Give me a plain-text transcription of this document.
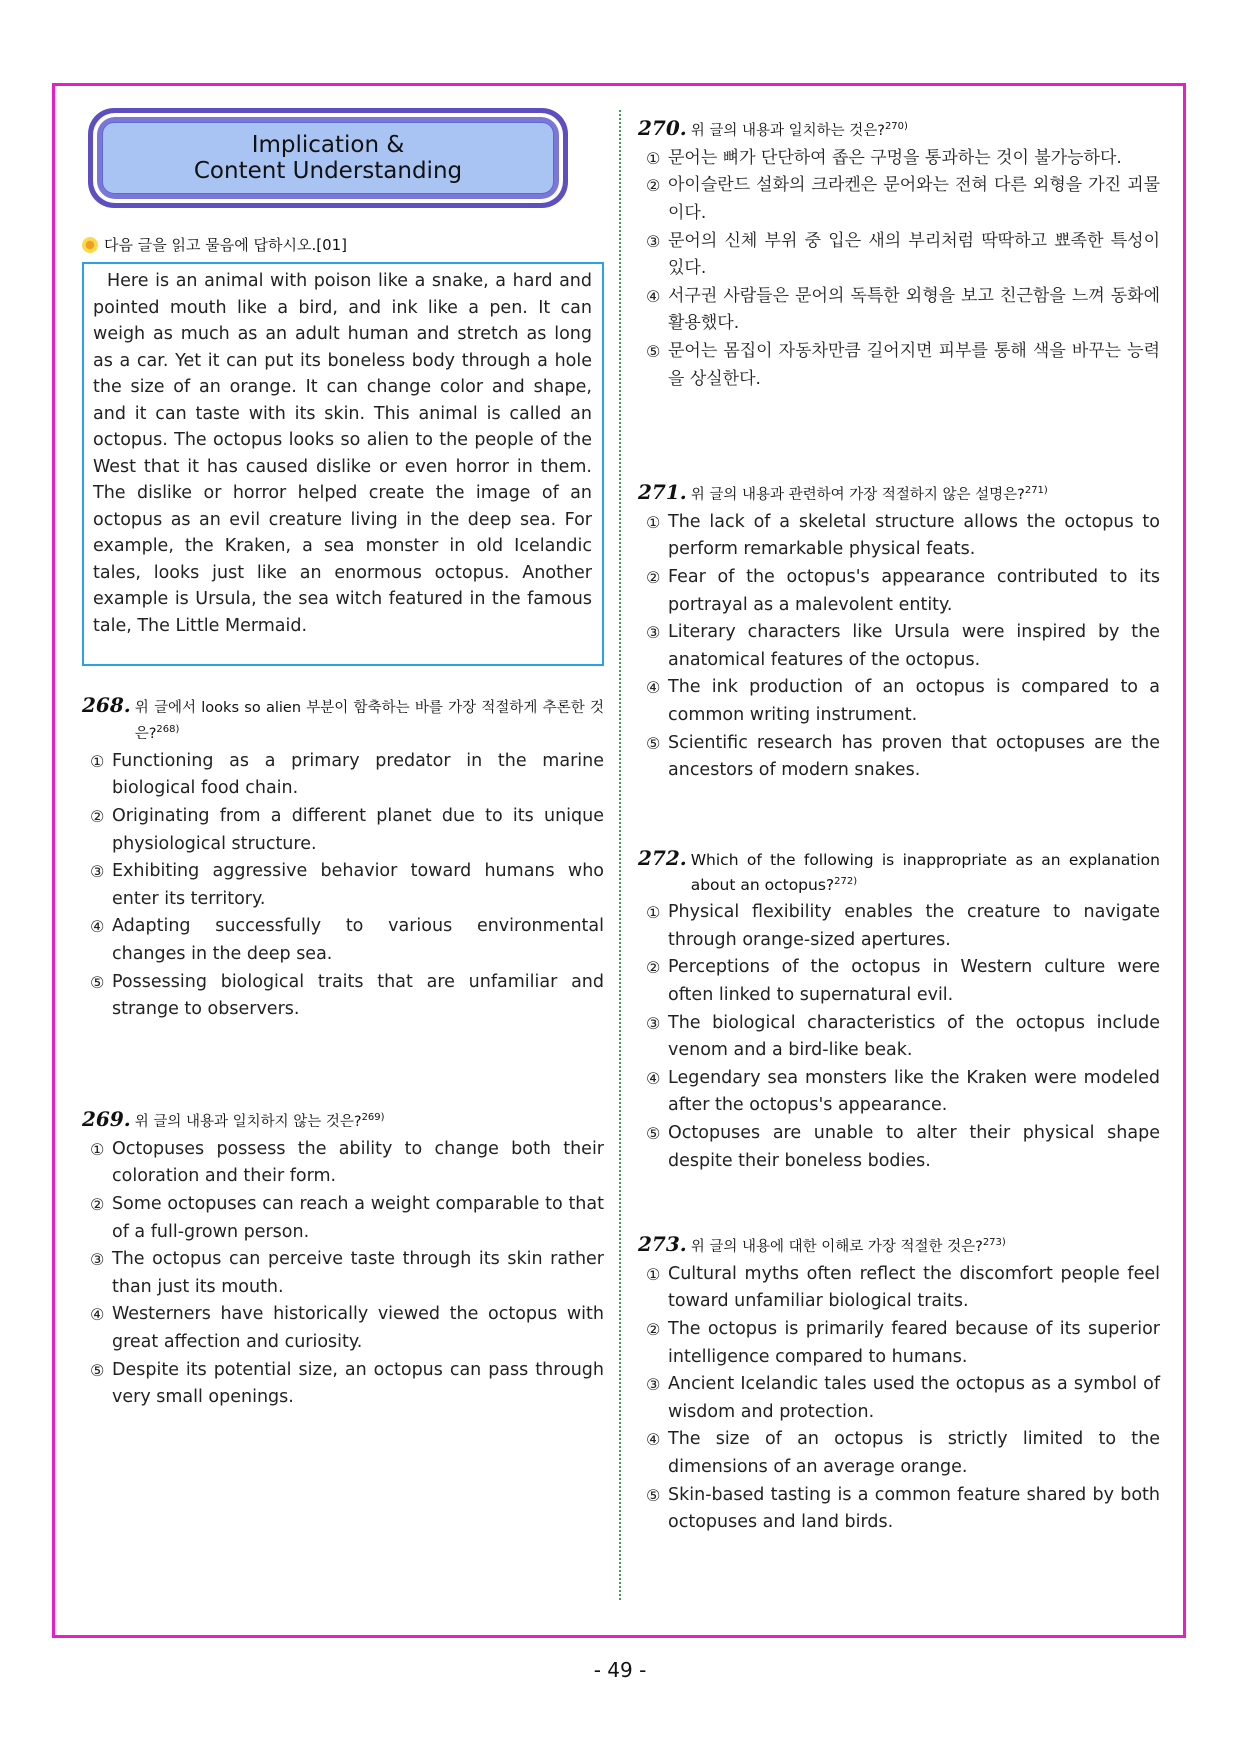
Implication &
Content Understanding
다음 글을 읽고 물음에 답하시오.[01]

Here is an animal with poison like a snake, a hard and pointed mouth like a bird, and ink like a pen. It can weigh as much as an adult human and stretch as long as a car. Yet it can put its boneless body through a hole the size of an orange. It can change color and shape, and it can taste with its skin. This animal is called an octopus. The octopus looks so alien to the people of the West that it has caused dislike or even horror in them. The dislike or horror helped create the image of an octopus as an evil creature living in the deep sea. For example, the Kraken, a sea monster in old Icelandic tales, looks just like an enormous octopus. Another example is Ursula, the sea witch featured in the famous tale, The Little Mermaid.

268. 위 글에서 looks so alien 부분이 함축하는 바를 가장 적절하게 추론한 것은?$^{268)}$
① Functioning as a primary predator in the marine biological food chain.
② Originating from a different planet due to its unique physiological structure.
③ Exhibiting aggressive behavior toward humans who enter its territory.
④ Adapting successfully to various environmental changes in the deep sea.
⑤ Possessing biological traits that are unfamiliar and strange to observers.
269. 위 글의 내용과 일치하지 않는 것은?$^{269)}$
① Octopuses possess the ability to change both their coloration and their form.
② Some octopuses can reach a weight comparable to that of a full-grown person.
③ The octopus can perceive taste through its skin rather than just its mouth.
④ Westerners have historically viewed the octopus with great affection and curiosity.
⑤ Despite its potential size, an octopus can pass through very small openings.
270. 위 글의 내용과 일치하는 것은?$^{270)}$
① 문어는 뼈가 단단하여 좁은 구멍을 통과하는 것이 불가능하다.
② 아이슬란드 설화의 크라켄은 문어와는 전혀 다른 외형을 가진 괴물이다.
③ 문어의 신체 부위 중 입은 새의 부리처럼 딱딱하고 뾰족한 특성이 있다.
④ 서구권 사람들은 문어의 독특한 외형을 보고 친근함을 느껴 동화에 활용했다.
⑤ 문어는 몸집이 자동차만큼 길어지면 피부를 통해 색을 바꾸는 능력을 상실한다.
271. 위 글의 내용과 관련하여 가장 적절하지 않은 설명은?$^{271)}$
① The lack of a skeletal structure allows the octopus to perform remarkable physical feats.
② Fear of the octopus's appearance contributed to its portrayal as a malevolent entity.
③ Literary characters like Ursula were inspired by the anatomical features of the octopus.
④ The ink production of an octopus is compared to a common writing instrument.
⑤ Scientific research has proven that octopuses are the ancestors of modern snakes.
272. Which of the following is inappropriate as an explanation about an octopus?$^{272)}$
① Physical flexibility enables the creature to navigate through orange-sized apertures.
② Perceptions of the octopus in Western culture were often linked to supernatural evil.
③ The biological characteristics of the octopus include venom and a bird-like beak.
④ Legendary sea monsters like the Kraken were modeled after the octopus's appearance.
⑤ Octopuses are unable to alter their physical shape despite their boneless bodies.
273. 위 글의 내용에 대한 이해로 가장 적절한 것은?$^{273)}$
① Cultural myths often reflect the discomfort people feel toward unfamiliar biological traits.
② The octopus is primarily feared because of its superior intelligence compared to humans.
③ Ancient Icelandic tales used the octopus as a symbol of wisdom and protection.
④ The size of an octopus is strictly limited to the dimensions of an average orange.
⑤ Skin-based tasting is a common feature shared by both octopuses and land birds.
- 49 -
